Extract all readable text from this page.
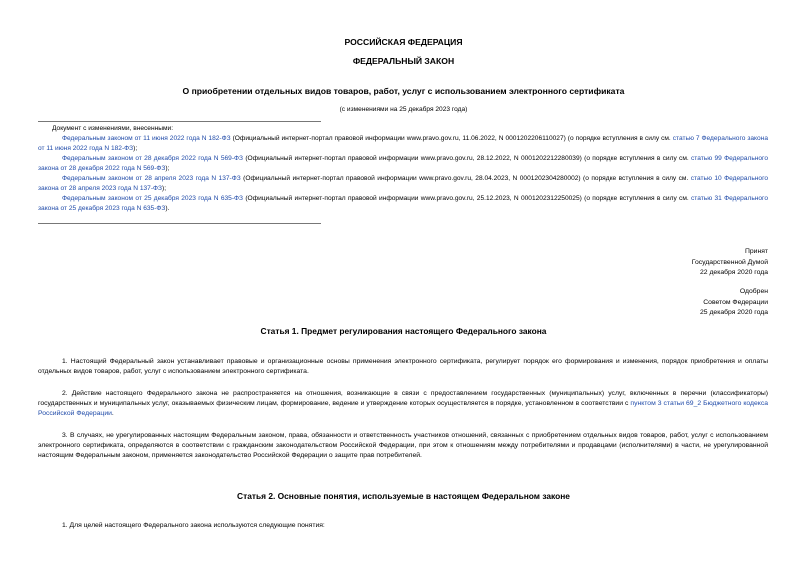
РОССИЙСКАЯ ФЕДЕРАЦИЯ
ФЕДЕРАЛЬНЫЙ ЗАКОН
О приобретении отдельных видов товаров, работ, услуг с использованием электронного сертификата
(с изменениями на 25 декабря 2023 года)
Документ с изменениями, внесенными:
Федеральным законом от 11 июня 2022 года N 182-ФЗ (Официальный интернет-портал правовой информации www.pravo.gov.ru, 11.06.2022, N 0001202206110027) (о порядке вступления в силу см. статью 7 Федерального закона от 11 июня 2022 года N 182-ФЗ);
Федеральным законом от 28 декабря 2022 года N 569-ФЗ (Официальный интернет-портал правовой информации www.pravo.gov.ru, 28.12.2022, N 0001202212280039) (о порядке вступления в силу см. статью 99 Федерального закона от 28 декабря 2022 года N 569-ФЗ);
Федеральным законом от 28 апреля 2023 года N 137-ФЗ (Официальный интернет-портал правовой информации www.pravo.gov.ru, 28.04.2023, N 0001202304280002) (о порядке вступления в силу см. статью 10 Федерального закона от 28 апреля 2023 года N 137-ФЗ);
Федеральным законом от 25 декабря 2023 года N 635-ФЗ (Официальный интернет-портал правовой информации www.pravo.gov.ru, 25.12.2023, N 0001202312250025) (о порядке вступления в силу см. статью 31 Федерального закона от 25 декабря 2023 года N 635-ФЗ).
Принят
Государственной Думой
22 декабря 2020 года
Одобрен
Советом Федерации
25 декабря 2020 года
Статья 1. Предмет регулирования настоящего Федерального закона
1. Настоящий Федеральный закон устанавливает правовые и организационные основы применения электронного сертификата, регулирует порядок его формирования и изменения, порядок приобретения и оплаты отдельных видов товаров, работ, услуг с использованием электронного сертификата.
2. Действие настоящего Федерального закона не распространяется на отношения, возникающие в связи с предоставлением государственных (муниципальных) услуг, включенных в перечни (классификаторы) государственных и муниципальных услуг, оказываемых физическим лицам, формирование, ведение и утверждение которых осуществляется в порядке, установленном в соответствии с пунктом 3 статьи 69_2 Бюджетного кодекса Российской Федерации.
3. В случаях, не урегулированных настоящим Федеральным законом, права, обязанности и ответственность участников отношений, связанных с приобретением отдельных видов товаров, работ, услуг с использованием электронного сертификата, определяются в соответствии с гражданским законодательством Российской Федерации, при этом к отношениям между потребителями и продавцами (исполнителями) в части, не урегулированной настоящим Федеральным законом, применяется законодательство Российской Федерации о защите прав потребителей.
Статья 2. Основные понятия, используемые в настоящем Федеральном законе
1. Для целей настоящего Федерального закона используются следующие понятия:
